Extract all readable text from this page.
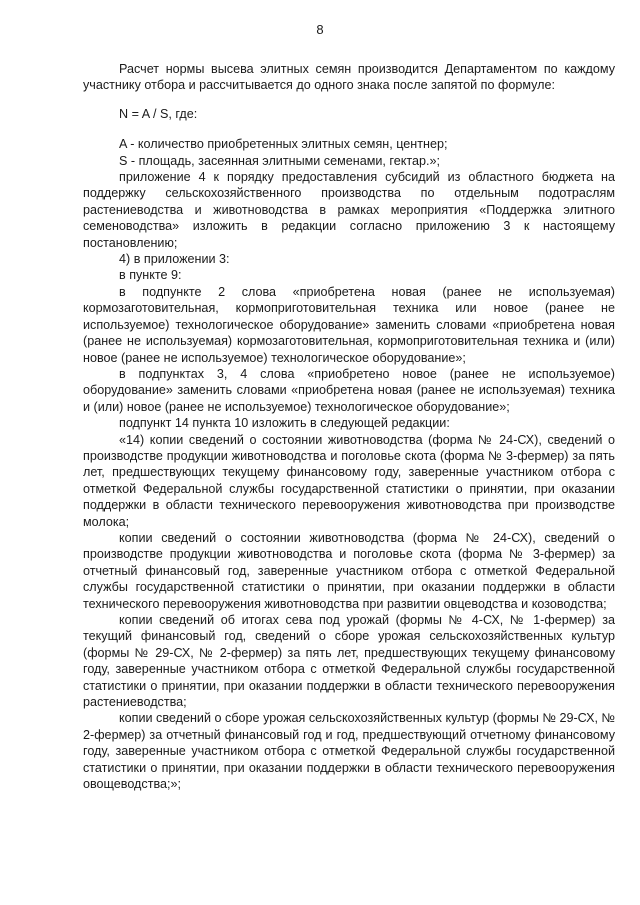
8

Расчет нормы высева элитных семян производится Департаментом по каждому участнику отбора и рассчитывается до одного знака после запятой по формуле:

N = A / S, где:

A - количество приобретенных элитных семян, центнер;

S - площадь, засеянная элитными семенами, гектар.»;

приложение 4 к порядку предоставления субсидий из областного бюджета на поддержку сельскохозяйственного производства по отдельным подотраслям растениеводства и животноводства в рамках мероприятия «Поддержка элитного семеноводства» изложить в редакции согласно приложению 3 к настоящему постановлению;

4) в приложении 3:

в пункте 9:

в подпункте 2 слова «приобретена новая (ранее не используемая) кормозаготовительная, кормоприготовительная техника или новое (ранее не используемое) технологическое оборудование» заменить словами «приобретена новая (ранее не используемая) кормозаготовительная, кормоприготовительная техника и (или) новое (ранее не используемое) технологическое оборудование»;

в подпунктах 3, 4 слова «приобретено новое (ранее не используемое) оборудование» заменить словами «приобретена новая (ранее не используемая) техника и (или) новое (ранее не используемое) технологическое оборудование»;

подпункт 14 пункта 10 изложить в следующей редакции:

«14) копии сведений о состоянии животноводства (форма № 24-СХ), сведений о производстве продукции животноводства и поголовье скота (форма № 3-фермер) за пять лет, предшествующих текущему финансовому году, заверенные участником отбора с отметкой Федеральной службы государственной статистики о принятии, при оказании поддержки в области технического перевооружения животноводства при производстве молока;

копии сведений о состоянии животноводства (форма № 24-СХ), сведений о производстве продукции животноводства и поголовье скота (форма № 3-фермер) за отчетный финансовый год, заверенные участником отбора с отметкой Федеральной службы государственной статистики о принятии, при оказании поддержки в области технического перевооружения животноводства при развитии овцеводства и козоводства;

копии сведений об итогах сева под урожай (формы № 4-СХ, № 1-фермер) за текущий финансовый год, сведений о сборе урожая сельскохозяйственных культур (формы № 29-СХ, № 2-фермер) за пять лет, предшествующих текущему финансовому году, заверенные участником отбора с отметкой Федеральной службы государственной статистики о принятии, при оказании поддержки в области технического перевооружения растениеводства;

копии сведений о сборе урожая сельскохозяйственных культур (формы № 29-СХ, № 2-фермер) за отчетный финансовый год и год, предшествующий отчетному финансовому году, заверенные участником отбора с отметкой Федеральной службы государственной статистики о принятии, при оказании поддержки в области технического перевооружения овощеводства;»;
